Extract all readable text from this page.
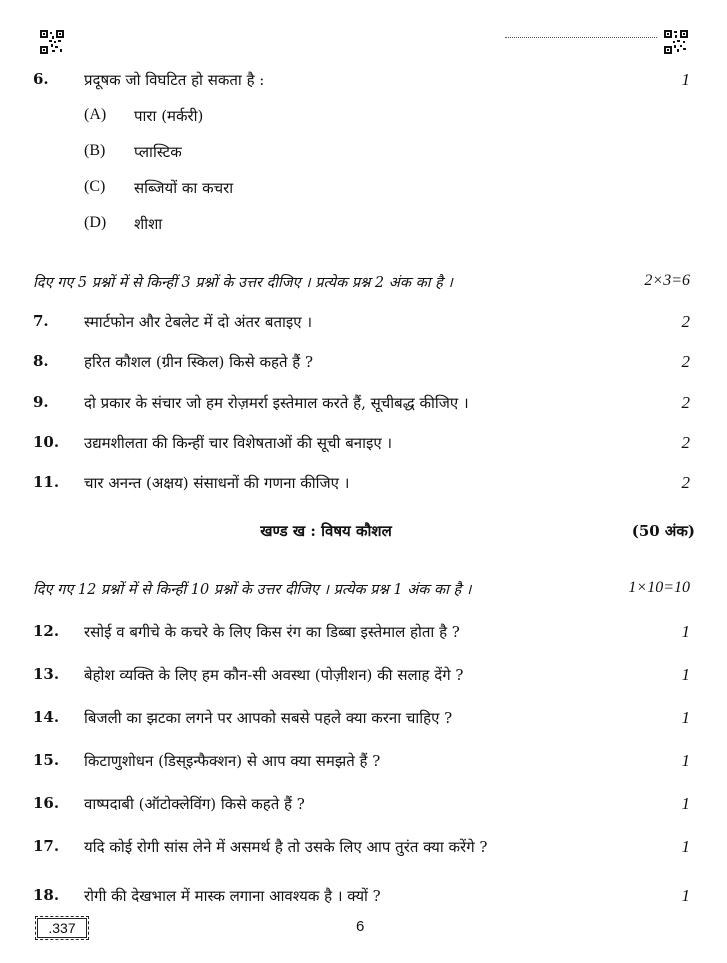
6. प्रदूषक जो विघटित हो सकता है :	1
(A) पारा (मर्करी)
(B) प्लास्टिक
(C) सब्जियों का कचरा
(D) शीशा
दिए गए 5 प्रश्नों में से किन्हीं 3 प्रश्नों के उत्तर दीजिए । प्रत्येक प्रश्न 2 अंक का है ।	2×3=6
7. स्मार्टफोन और टेबलेट में दो अंतर बताइए ।	2
8. हरित कौशल (ग्रीन स्किल) किसे कहते हैं ?	2
9. दो प्रकार के संचार जो हम रोज़मर्रा इस्तेमाल करते हैं, सूचीबद्ध कीजिए ।	2
10. उद्यमशीलता की किन्हीं चार विशेषताओं की सूची बनाइए ।	2
11. चार अनन्त (अक्षय) संसाधनों की गणना कीजिए ।	2
खण्ड ख : विषय कौशल	(50 अंक)
दिए गए 12 प्रश्नों में से किन्हीं 10 प्रश्नों के उत्तर दीजिए । प्रत्येक प्रश्न 1 अंक का है ।	1×10=10
12. रसोई व बगीचे के कचरे के लिए किस रंग का डिब्बा इस्तेमाल होता है ?	1
13. बेहोश व्यक्ति के लिए हम कौन-सी अवस्था (पोज़ीशन) की सलाह देंगे ?	1
14. बिजली का झटका लगने पर आपको सबसे पहले क्या करना चाहिए ?	1
15. किटाणुशोधन (डिस्इन्फैक्शन) से आप क्या समझते हैं ?	1
16. वाष्पदाबी (ऑटोक्लेविंग) किसे कहते हैं ?	1
17. यदि कोई रोगी सांस लेने में असमर्थ है तो उसके लिए आप तुरंत क्या करेंगे ?	1
18. रोगी की देखभाल में मास्क लगाना आवश्यक है । क्यों ?	1
.337	6
